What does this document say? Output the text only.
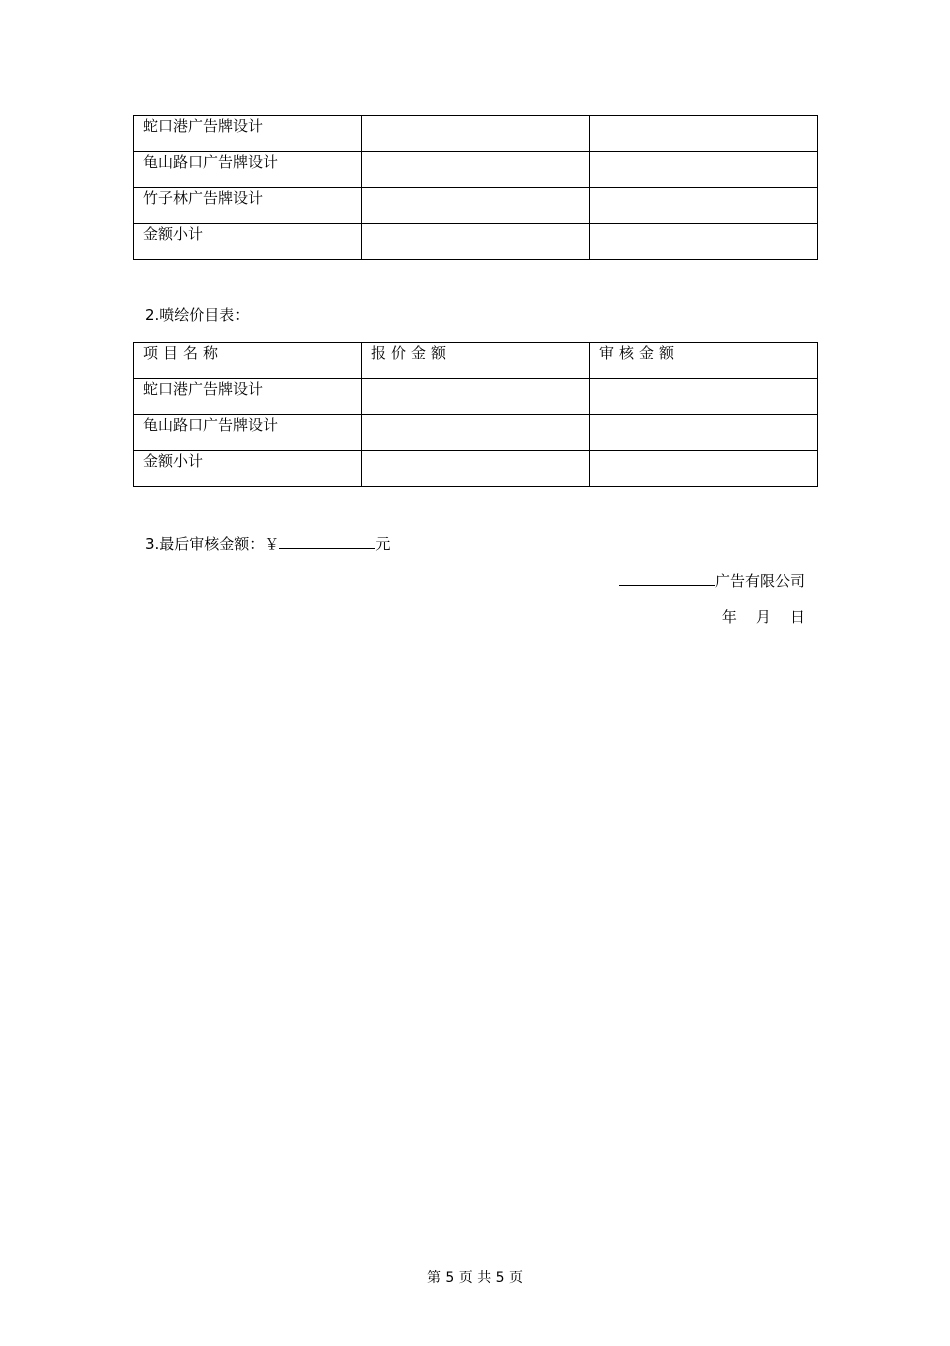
蛇口港广告牌设计		
龟山路口广告牌设计		
竹子林广告牌设计		
金额小计		
2.喷绘价目表：
项目名称	报价金额	审核金额
蛇口港广告牌设计		
龟山路口广告牌设计		
金额小计		
3.最后审核金额：￥	元
广告有限公司
年    月    日
第 5 页 共 5 页
